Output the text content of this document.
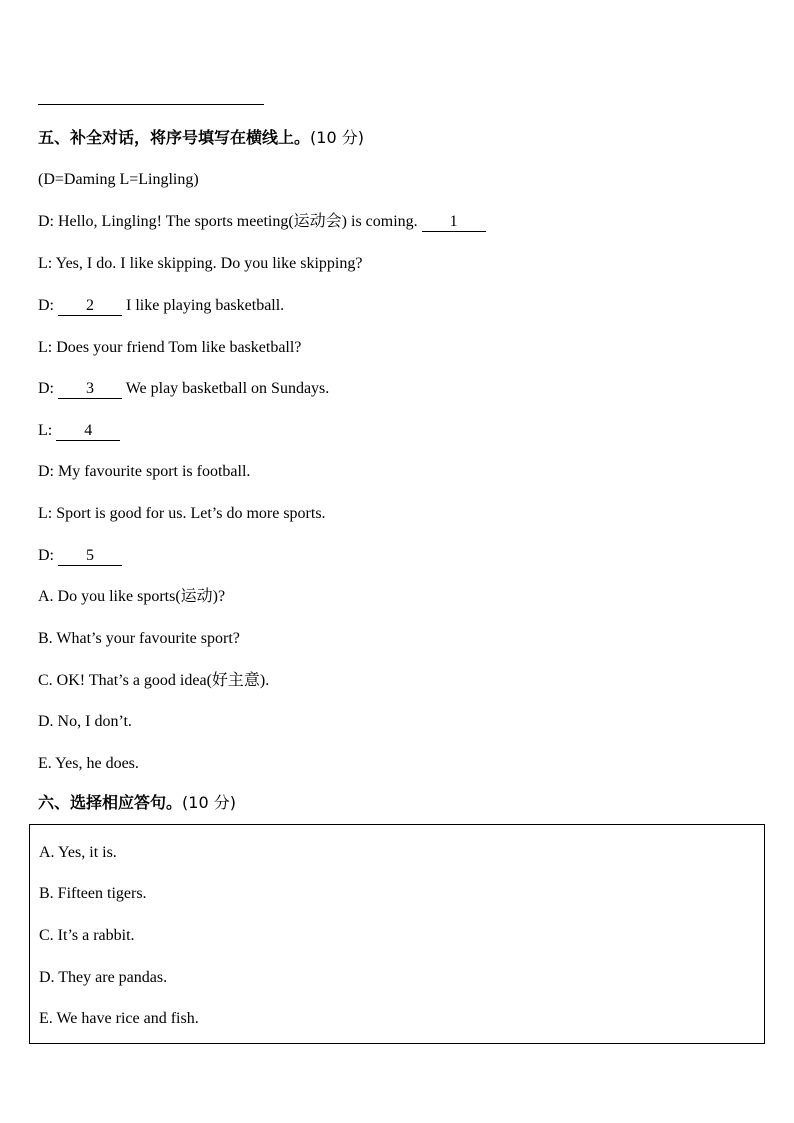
五、补全对话，将序号填写在横线上。(10 分)
(D=Daming L=Lingling)
D: Hello, Lingling! The sports meeting(运动会) is coming. 1
L: Yes, I do. I like skipping. Do you like skipping?
D: 2 I like playing basketball.
L: Does your friend Tom like basketball?
D: 3 We play basketball on Sundays.
L: 4
D: My favourite sport is football.
L: Sport is good for us. Let’s do more sports.
D: 5
A. Do you like sports(运动)?
B. What’s your favourite sport?
C. OK! That’s a good idea(好主意).
D. No, I don’t.
E. Yes, he does.
六、选择相应答句。(10 分)
A. Yes, it is.
B. Fifteen tigers.
C. It’s a rabbit.
D. They are pandas.
E. We have rice and fish.
